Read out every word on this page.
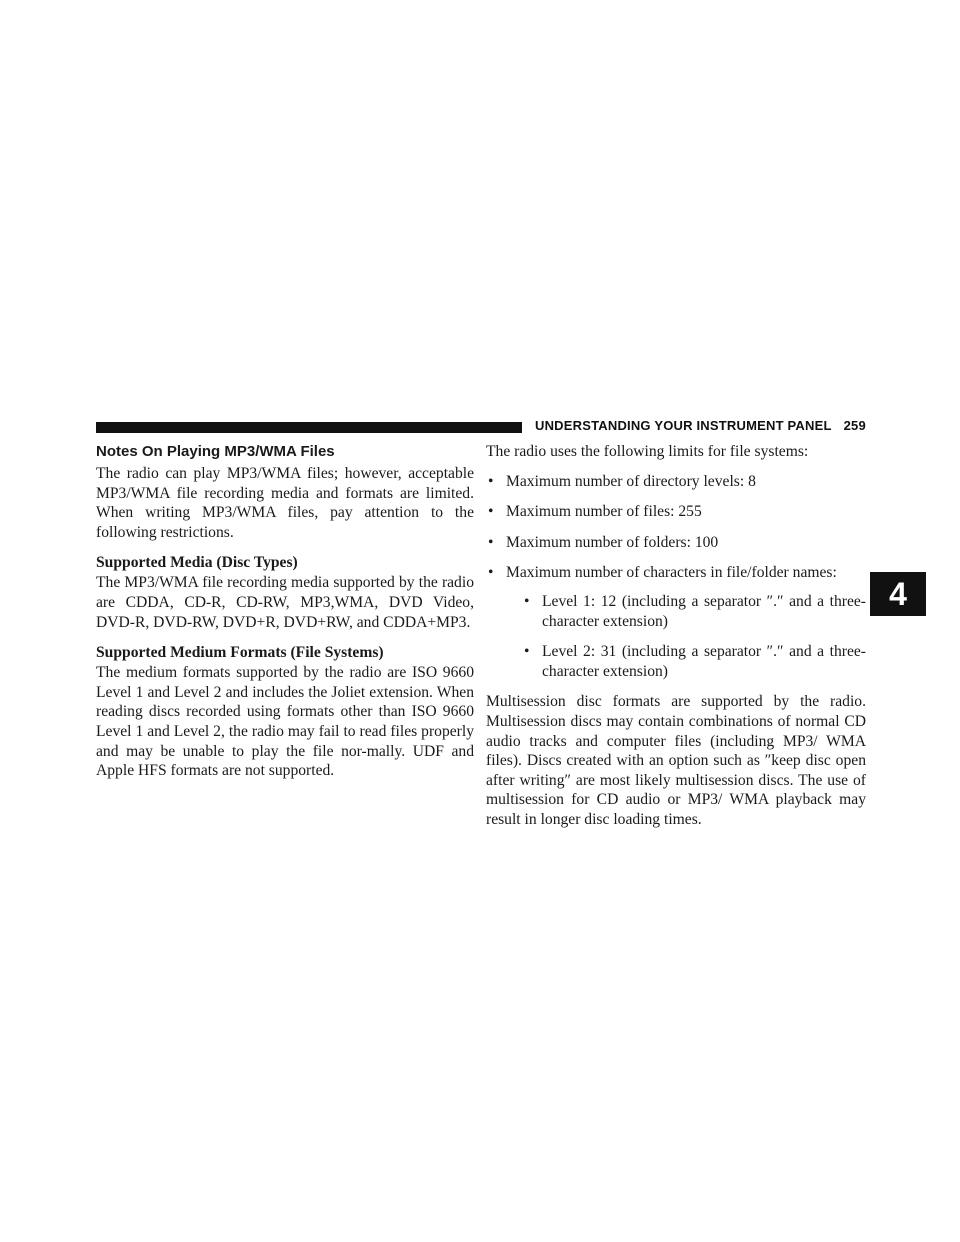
UNDERSTANDING YOUR INSTRUMENT PANEL 259
Notes On Playing MP3/WMA Files

The radio can play MP3/WMA files; however, acceptable MP3/WMA file recording media and formats are limited. When writing MP3/WMA files, pay attention to the following restrictions.

Supported Media (Disc Types)

The MP3/WMA file recording media supported by the radio are CDDA, CD-R, CD-RW, MP3,WMA, DVD Video, DVD-R, DVD-RW, DVD+R, DVD+RW, and CDDA+MP3.

Supported Medium Formats (File Systems)

The medium formats supported by the radio are ISO 9660 Level 1 and Level 2 and includes the Joliet extension. When reading discs recorded using formats other than ISO 9660 Level 1 and Level 2, the radio may fail to read files properly and may be unable to play the file nor-mally. UDF and Apple HFS formats are not supported.

The radio uses the following limits for file systems:

• Maximum number of directory levels: 8
• Maximum number of files: 255
• Maximum number of folders: 100
• Maximum number of characters in file/folder names:
• Level 1: 12 (including a separator ″.″ and a three-character extension)
• Level 2: 31 (including a separator ″.″ and a three-character extension)

Multisession disc formats are supported by the radio. Multisession discs may contain combinations of normal CD audio tracks and computer files (including MP3/ WMA files). Discs created with an option such as ″keep disc open after writing″ are most likely multisession discs. The use of multisession for CD audio or MP3/ WMA playback may result in longer disc loading times.

4
